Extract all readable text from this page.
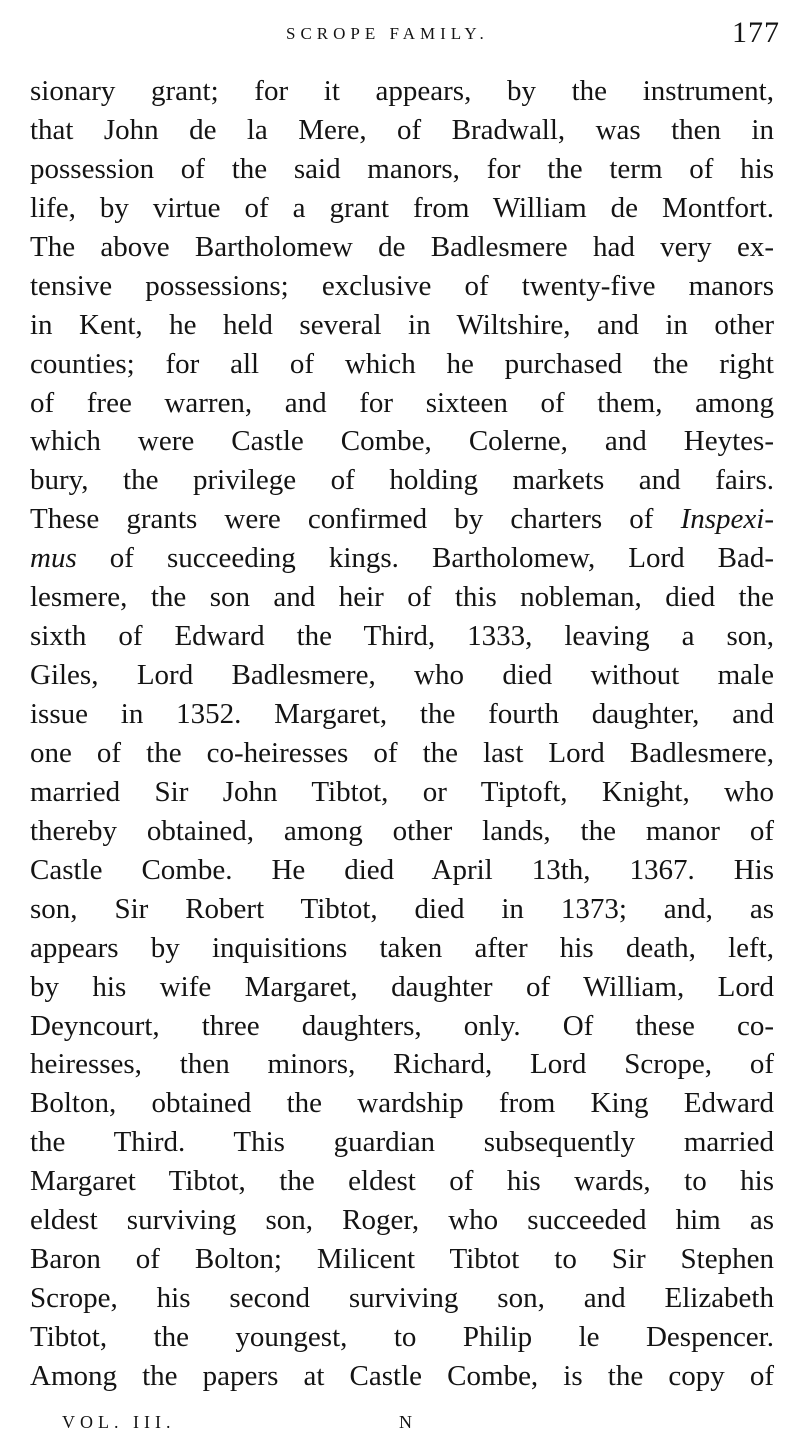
SCROPE FAMILY.	177
sionary grant; for it appears, by the instrument,
that John de la Mere, of Bradwall, was then in
possession of the said manors, for the term of his
life, by virtue of a grant from William de Montfort.
The above Bartholomew de Badlesmere had very ex-
tensive possessions; exclusive of twenty-five manors
in Kent, he held several in Wiltshire, and in other
counties; for all of which he purchased the right
of free warren, and for sixteen of them, among
which were Castle Combe, Colerne, and Heytes-
bury, the privilege of holding markets and fairs.
These grants were confirmed by charters of Inspexi-
mus of succeeding kings. Bartholomew, Lord Bad-
lesmere, the son and heir of this nobleman, died the
sixth of Edward the Third, 1333, leaving a son,
Giles, Lord Badlesmere, who died without male
issue in 1352. Margaret, the fourth daughter, and
one of the co-heiresses of the last Lord Badlesmere,
married Sir John Tibtot, or Tiptoft, Knight, who
thereby obtained, among other lands, the manor of
Castle Combe. He died April 13th, 1367. His
son, Sir Robert Tibtot, died in 1373; and, as
appears by inquisitions taken after his death, left,
by his wife Margaret, daughter of William, Lord
Deyncourt, three daughters, only. Of these co-
heiresses, then minors, Richard, Lord Scrope, of
Bolton, obtained the wardship from King Edward
the Third. This guardian subsequently married
Margaret Tibtot, the eldest of his wards, to his
eldest surviving son, Roger, who succeeded him as
Baron of Bolton; Milicent Tibtot to Sir Stephen
Scrope, his second surviving son, and Elizabeth
Tibtot, the youngest, to Philip le Despencer.
Among the papers at Castle Combe, is the copy of
VOL. III.	N
